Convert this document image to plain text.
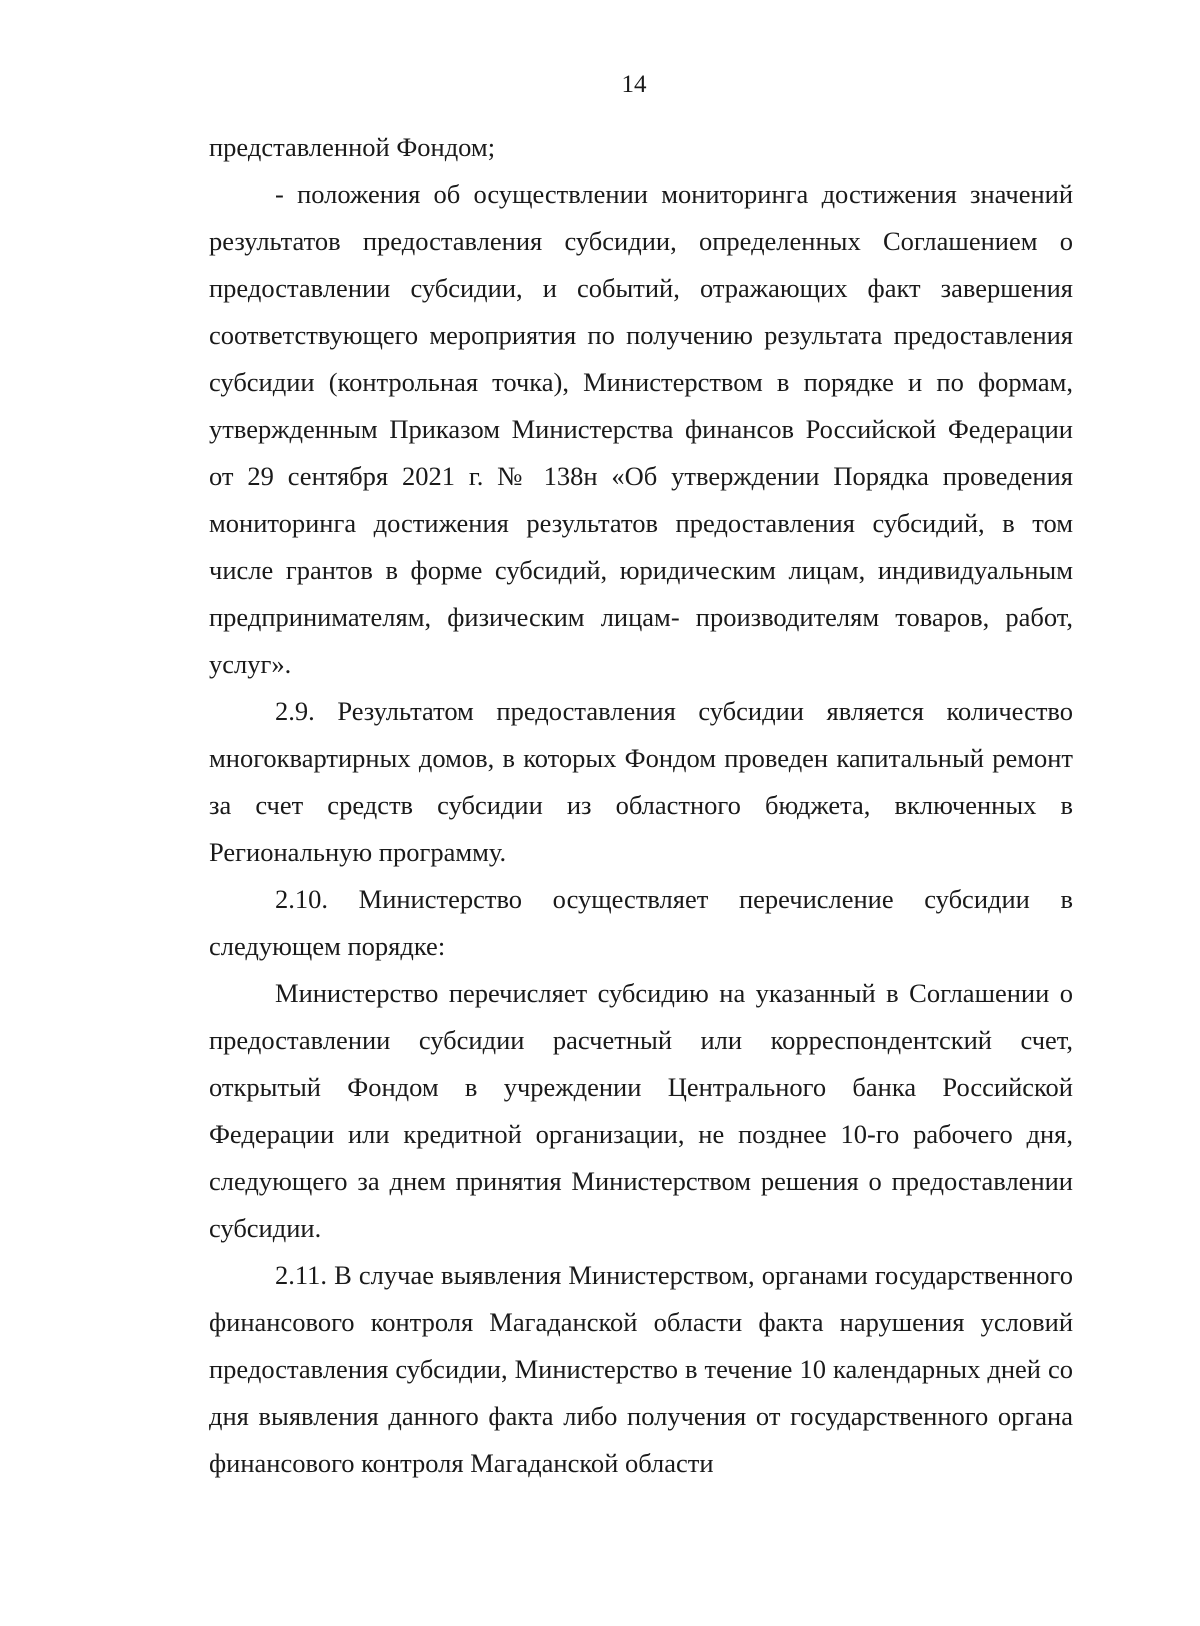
14

представленной Фондом;

- положения об осуществлении мониторинга достижения значений результатов предоставления субсидии, определенных Соглашением о предоставлении субсидии, и событий, отражающих факт завершения соответствующего мероприятия по получению результата предоставления субсидии (контрольная точка), Министерством в порядке и по формам, утвержденным Приказом Министерства финансов Российской Федерации от 29 сентября 2021 г. № 138н «Об утверждении Порядка проведения мониторинга достижения результатов предоставления субсидий, в том числе грантов в форме субсидий, юридическим лицам, индивидуальным предпринимателям, физическим лицам- производителям товаров, работ, услуг».

2.9. Результатом предоставления субсидии является количество многоквартирных домов, в которых Фондом проведен капитальный ремонт за счет средств субсидии из областного бюджета, включенных в Региональную программу.

2.10. Министерство осуществляет перечисление субсидии в следующем порядке:

Министерство перечисляет субсидию на указанный в Соглашении о предоставлении субсидии расчетный или корреспондентский счет, открытый Фондом в учреждении Центрального банка Российской Федерации или кредитной организации, не позднее 10-го рабочего дня, следующего за днем принятия Министерством решения о предоставлении субсидии.

2.11. В случае выявления Министерством, органами государственного финансового контроля Магаданской области факта нарушения условий предоставления субсидии, Министерство в течение 10 календарных дней со дня выявления данного факта либо получения от государственного органа финансового контроля Магаданской области
